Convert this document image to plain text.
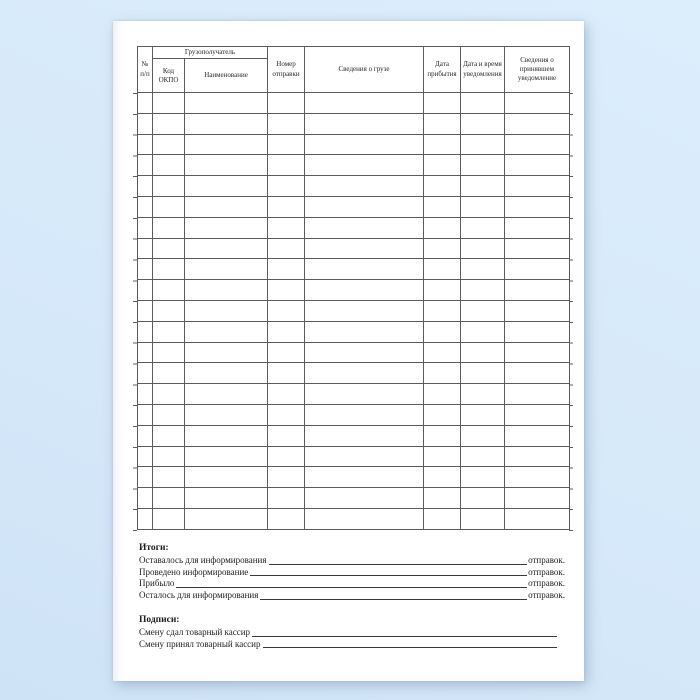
№ п/п	Грузополучатель		Номер отправки	Сведения о грузе	Дата прибытия	Дата и время уведомления	Сведения о принявшем уведомление
	Код ОКПО	Наименование					

Итоги:
Оставалось для информирования	отправок.
Проведено информирование	отправок.
Прибыло	отправок.
Осталось для информирования	отправок.
Подписи:
Смену сдал товарный кассир
Смену принял товарный кассир
